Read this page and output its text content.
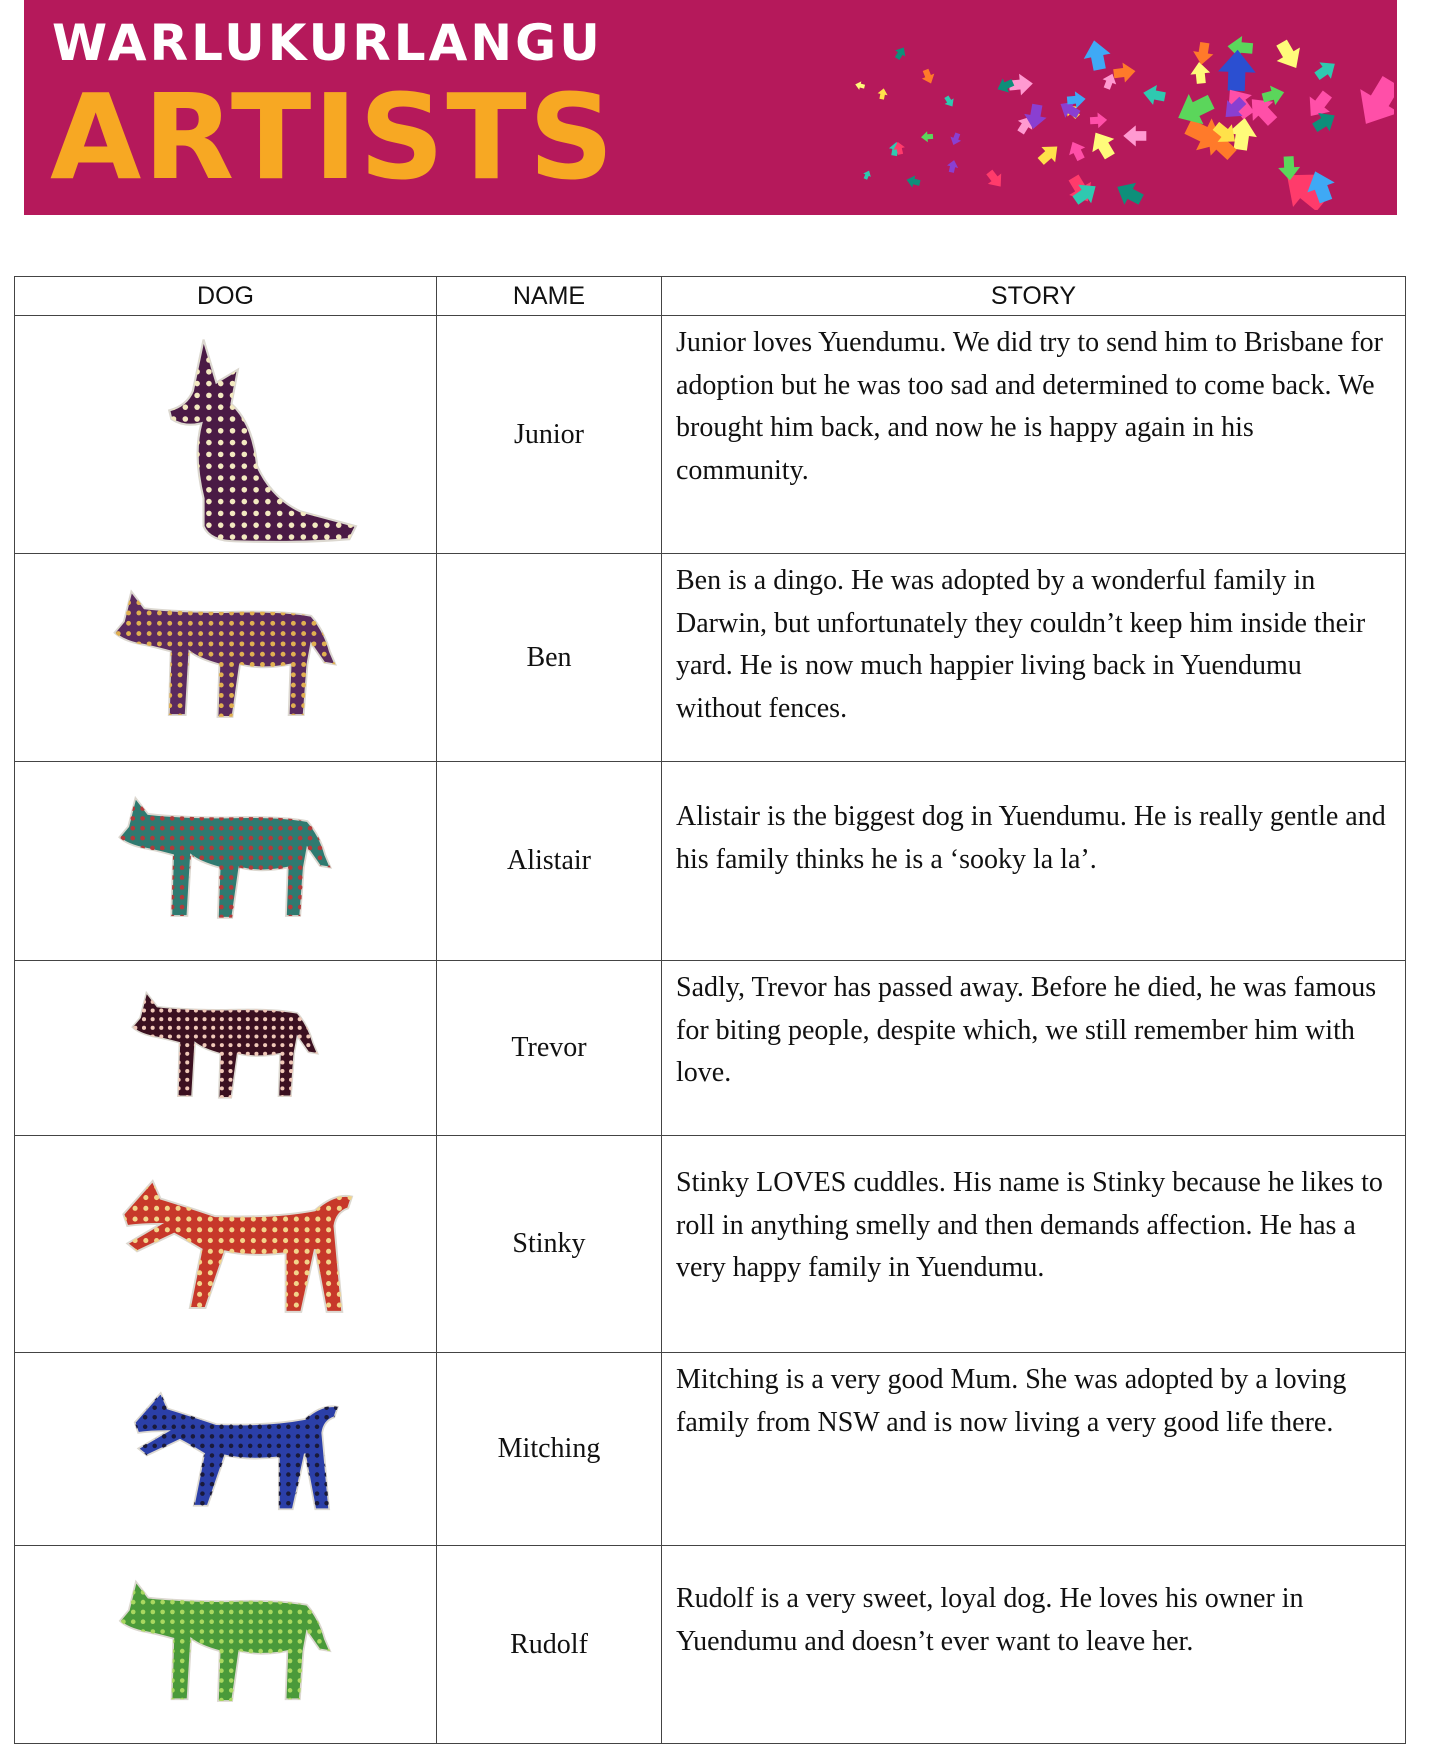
WARLUKURLANGU
ARTISTS
DOG	NAME	STORY

	Junior	Junior loves Yuendumu. We did try to send him to Brisbane for adoption but he was too sad and determined to come back. We brought him back, and now he is happy again in his community.

	Ben	Ben is a dingo. He was adopted by a wonderful family in Darwin, but unfortunately they couldn’t keep him inside their yard. He is now much happier living back in Yuendumu without fences.

	Alistair	Alistair is the biggest dog in Yuendumu. He is really gentle and his family thinks he is a ‘sooky la la’.

	Trevor	Sadly, Trevor has passed away. Before he died, he was famous for biting people, despite which, we still remember him with love.

	Stinky	Stinky LOVES cuddles. His name is Stinky because he likes to roll in anything smelly and then demands affection. He has a very happy family in Yuendumu.

	Mitching	Mitching is a very good Mum. She was adopted by a loving family from NSW and is now living a very good life there.

	Rudolf	Rudolf is a very sweet, loyal dog. He loves his owner in Yuendumu and doesn’t ever want to leave her.
